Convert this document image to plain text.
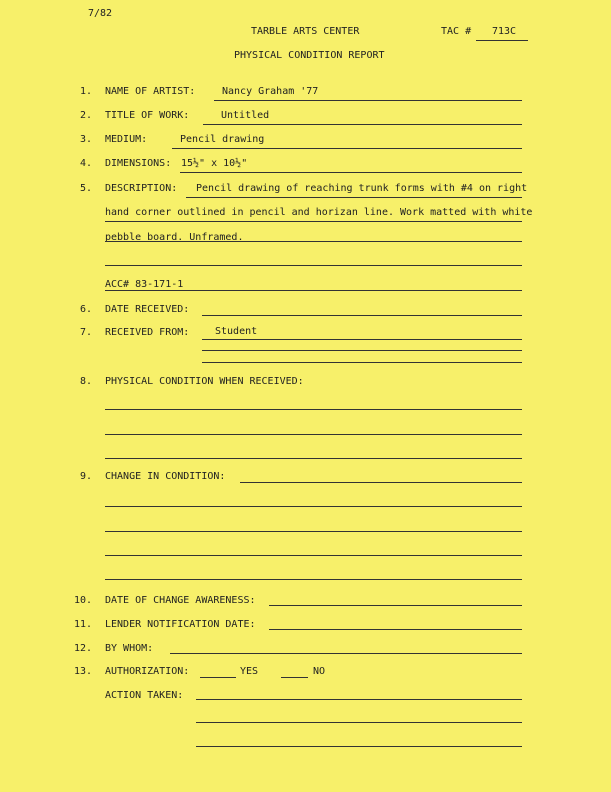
7/82
TARBLE ARTS CENTER	TAC # 713C
PHYSICAL CONDITION REPORT
1. NAME OF ARTIST:	Nancy Graham '77
2. TITLE OF WORK:	Untitled
3. MEDIUM:	Pencil drawing
4. DIMENSIONS: 15½" x 10½"
5. DESCRIPTION: Pencil drawing of reaching trunk forms with #4 on right
hand corner outlined in pencil and horizan line. Work matted with white
pebble board. Unframed.
ACC# 83-171-1
6. DATE RECEIVED:
7. RECEIVED FROM:	Student
8. PHYSICAL CONDITION WHEN RECEIVED:
9. CHANGE IN CONDITION:
10. DATE OF CHANGE AWARENESS:
11. LENDER NOTIFICATION DATE:
12. BY WHOM:
13. AUTHORIZATION:	YES	NO
ACTION TAKEN:
